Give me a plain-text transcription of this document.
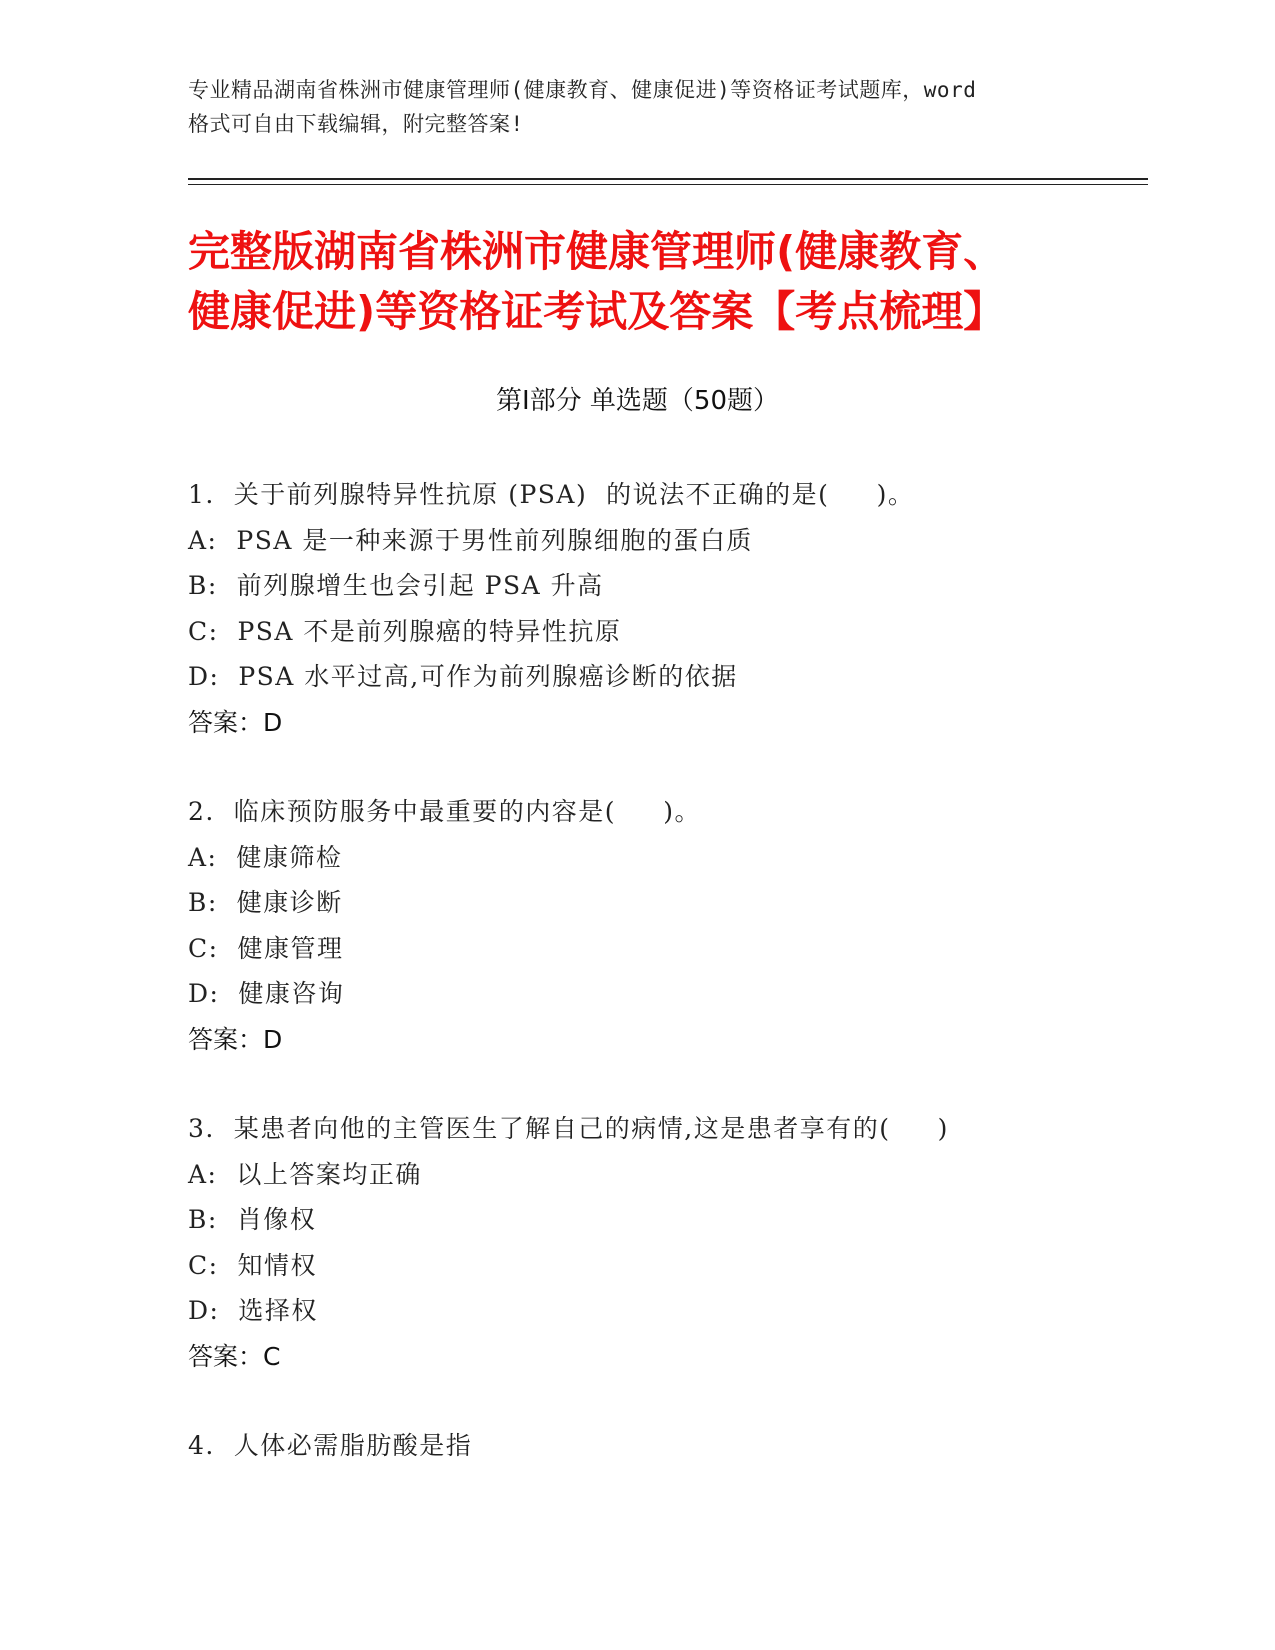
专业精品湖南省株洲市健康管理师(健康教育、健康促进)等资格证考试题库，word
格式可自由下载编辑，附完整答案!
完整版湖南省株洲市健康管理师(健康教育、
健康促进)等资格证考试及答案【考点梳理】
第Ⅰ部分 单选题（50题）
1.  关于前列腺特异性抗原 (PSA)  的说法不正确的是(     )。
A:  PSA 是一种来源于男性前列腺细胞的蛋白质
B:  前列腺增生也会引起 PSA 升高
C:  PSA 不是前列腺癌的特异性抗原
D:  PSA 水平过高,可作为前列腺癌诊断的依据
答案：D
2.  临床预防服务中最重要的内容是(     )。
A:  健康筛检
B:  健康诊断
C:  健康管理
D:  健康咨询
答案：D
3.  某患者向他的主管医生了解自己的病情,这是患者享有的(     )
A:  以上答案均正确
B:  肖像权
C:  知情权
D:  选择权
答案：C
4.  人体必需脂肪酸是指
